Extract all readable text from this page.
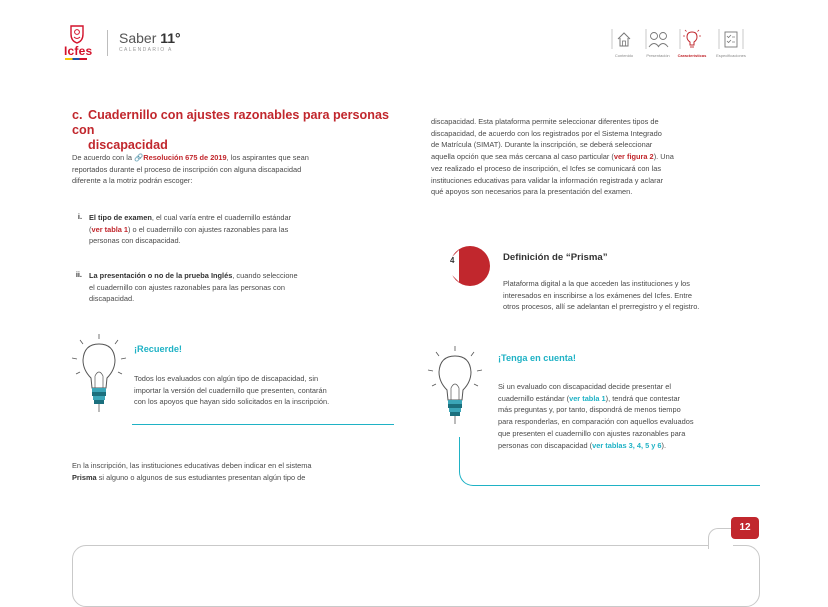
Icfes
Saber 11°
CALENDARIO A
Contenido	Presentación	Características	Especificaciones
c. Cuadernillo con ajustes razonables para personas con
discapacidad
De acuerdo con la 🔗Resolución 675 de 2019, los aspirantes que sean
reportados durante el proceso de inscripción con alguna discapacidad
diferente a la motriz podrán escoger:
i. El tipo de examen, el cual varía entre el cuadernillo estándar
(ver tabla 1) o el cuadernillo con ajustes razonables para las
personas con discapacidad.
ii. La presentación o no de la prueba Inglés, cuando seleccione
el cuadernillo con ajustes razonables para las personas con
discapacidad.
¡Recuerde!
Todos los evaluados con algún tipo de discapacidad, sin
importar la versión del cuadernillo que presenten, contarán
con los apoyos que hayan sido solicitados en la inscripción.
En la inscripción, las instituciones educativas deben indicar en el sistema
Prisma si alguno o algunos de sus estudiantes presentan algún tipo de
discapacidad. Esta plataforma permite seleccionar diferentes tipos de
discapacidad, de acuerdo con los registrados por el Sistema Integrado
de Matrícula (SIMAT). Durante la inscripción, se deberá seleccionar
aquella opción que sea más cercana al caso particular (ver figura 2). Una
vez realizado el proceso de inscripción, el Icfes se comunicará con las
instituciones educativas para validar la información registrada y aclarar
qué apoyos son necesarios para la presentación del examen.
4	Definición de “Prisma”
Plataforma digital a la que acceden las instituciones y los
interesados en inscribirse a los exámenes del Icfes. Entre
otros procesos, allí se adelantan el prerregistro y el registro.
¡Tenga en cuenta!
Si un evaluado con discapacidad decide presentar el
cuadernillo estándar (ver tabla 1), tendrá que contestar
más preguntas y, por tanto, dispondrá de menos tiempo
para responderlas, en comparación con aquellos evaluados
que presenten el cuadernillo con ajustes razonables para
personas con discapacidad (ver tablas 3, 4, 5 y 6).
12
